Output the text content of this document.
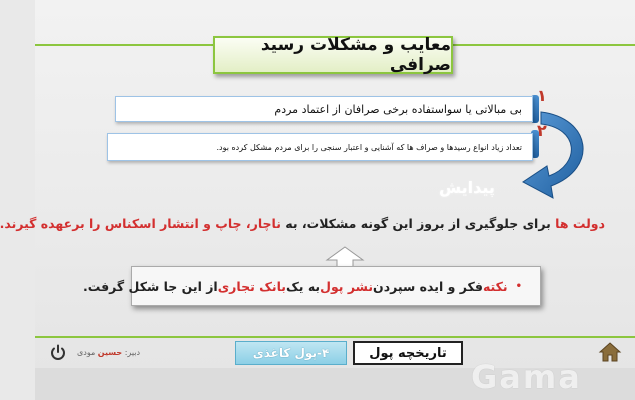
معایب و مشکلات رسید صرافی
۱
۲
بی مبالاتی یا سواستفاده برخی صرافان از اعتماد مردم
تعداد زیاد انواع رسیدها و صراف ها که آشنایی و اعتبار سنجی را برای مردم مشکل کرده بود.
پیدایش
دولت ها برای جلوگیری از بروز این گونه مشکلات، به ناچار، چاپ و انتشار اسکناس را برعهده گیرند.
•
نکته
فکر و ایده سپردن
نشر پول
به یک
بانک تجاری
از این جا شکل گرفت.
تاریخچه پول
۴-پول کاغذی
دبیر: حسین مودی
Gama
